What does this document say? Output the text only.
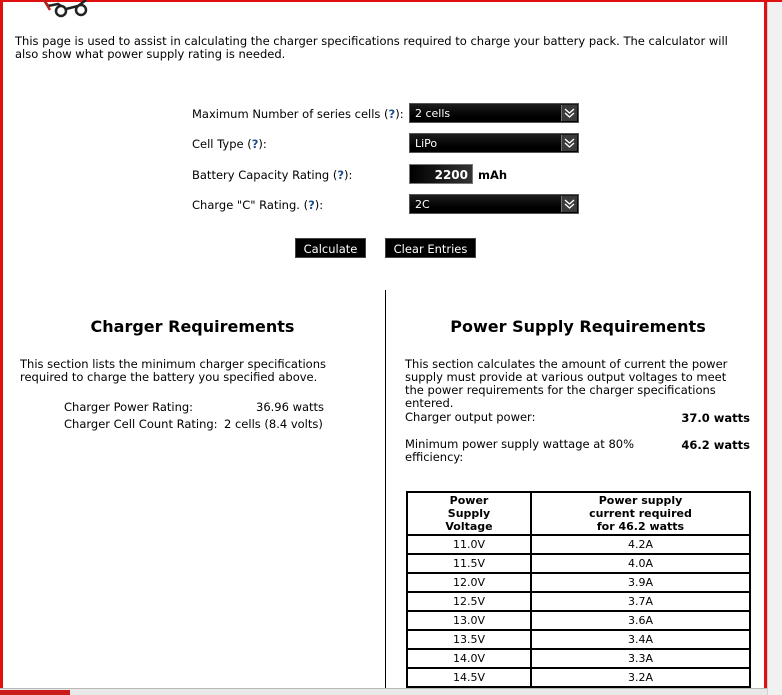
This page is used to assist in calculating the charger specifications required to charge your battery pack. The calculator will also show what power supply rating is needed.
Maximum Number of series cells (?):	2 cells
Cell Type (?):	LiPo
Battery Capacity Rating (?):	2200 mAh
Charge "C" Rating. (?):	2C
Calculate	Clear Entries
Charger Requirements
This section lists the minimum charger specifications required to charge the battery you specified above.
Charger Power Rating:	36.96 watts
Charger Cell Count Rating: 2 cells (8.4 volts)
Power Supply Requirements
This section calculates the amount of current the power supply must provide at various output voltages to meet the power requirements for the charger specifications entered.
Charger output power:	37.0 watts
Minimum power supply wattage at 80% efficiency:
46.2 watts
Power Supply Voltage	Power supply current required for 46.2 watts

11.0V	4.2A
11.5V	4.0A
12.0V	3.9A
12.5V	3.7A
13.0V	3.6A
13.5V	3.4A
14.0V	3.3A
14.5V	3.2A
